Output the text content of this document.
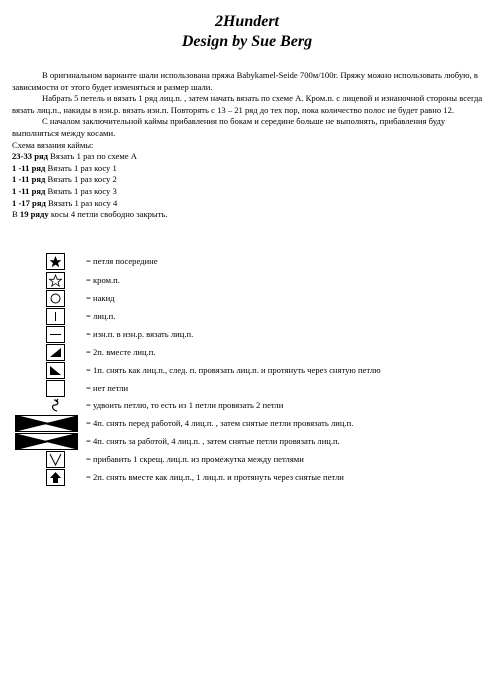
2Hundert
Design by Sue Berg

В оригинальном варианте шали использована пряжа Babykamel-Seide 700м/100г. Пряжу можно использовать любую, в зависимости от этого будет изменяться и размер шали.

Набрать 5 петель и вязать 1 ряд лиц.п. , затем начать вязать по схеме А. Кром.п. с лицевой и изнаночной стороны всегда вязать лиц.п., накиды в изн.р. вязать изн.п. Повторять с 13 – 21 ряд до тех пор, пока количество полос не будет равно 12.

С началом заключительной каймы прибавления по бокам и середине больше не выполнять, прибавления буду выполняться между косами.

Схема вязания каймы:

23-33 ряд Вязать 1 раз по схеме А

1 -11 ряд Вязать 1 раз косу 1

1 -11 ряд Вязать 1 раз косу 2

1 -11 ряд Вязать 1 раз косу 3

1 -17 ряд Вязать 1 раз косу 4

В 19 ряду косы 4 петли свободно закрыть.

= петля посередине
= кром.п.
= накид
= лиц.п.
= изн.п. в изн.р. вязать лиц.п.
= 2п. вместе лиц.п.
= 1п. снять как лиц.п., след. п. провязать лиц.п. и протянуть через снятую петлю
= нет петли
= удвоить петлю, то есть из 1 петли провязать 2 петли
= 4п. снять перед работой, 4 лиц.п. , затем снятые петли провязать лиц.п.
= 4п. снять за работой, 4 лиц.п. , затем снятые петли провязать лиц.п.
= прибавить 1 скрещ. лиц.п. из промежутка между петлями
= 2п. снять вместе как лиц.п., 1 лиц.п. и протянуть через снятые петли
